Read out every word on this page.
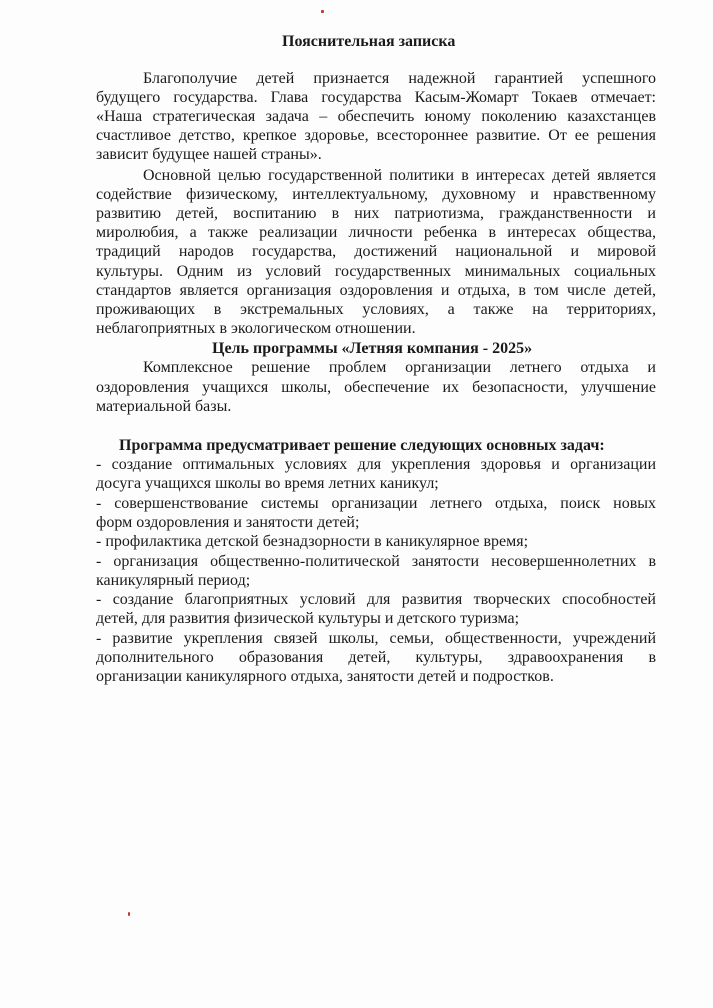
Пояснительная записка
Благополучие детей признается надежной гарантией успешного
будущего государства. Глава государства Касым-Жомарт Токаев отмечает:
«Наша стратегическая задача – обеспечить юному поколению казахстанцев
счастливое детство, крепкое здоровье, всестороннее развитие. От ее решения
зависит будущее нашей страны».
Основной целью государственной политики в интересах детей является
содействие физическому, интеллектуальному, духовному и нравственному
развитию детей, воспитанию в них патриотизма, гражданственности и
миролюбия, а также реализации личности ребенка в интересах общества,
традиций народов государства, достижений национальной и мировой
культуры. Одним из условий государственных минимальных социальных
стандартов является организация оздоровления и отдыха, в том числе детей,
проживающих в экстремальных условиях, а также на территориях,
неблагоприятных в экологическом отношении.
Цель программы «Летняя компания - 2025»
Комплексное решение проблем организации летнего отдыха и
оздоровления учащихся школы, обеспечение их безопасности, улучшение
материальной базы.
Программа предусматривает решение следующих основных задач:
- создание оптимальных условиях для укрепления здоровья и организации
досуга учащихся школы во время летних каникул;
- совершенствование системы организации летнего отдыха, поиск новых
форм оздоровления и занятости детей;
- профилактика детской безнадзорности в каникулярное время;
- организация общественно-политической занятости несовершеннолетних в
каникулярный период;
- создание благоприятных условий для развития творческих способностей
детей, для развития физической культуры и детского туризма;
- развитие укрепления связей школы, семьи, общественности, учреждений
дополнительного образования детей, культуры, здравоохранения в
организации каникулярного отдыха, занятости детей и подростков.
